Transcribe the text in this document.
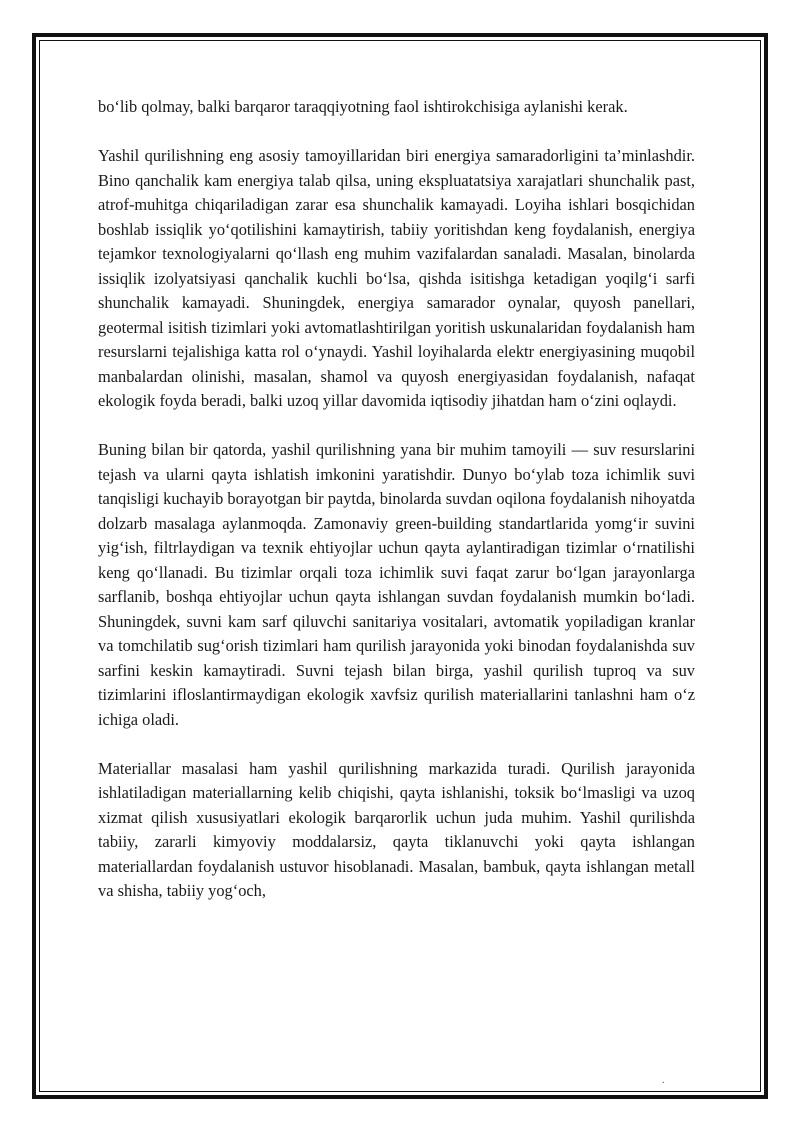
bo‘lib qolmay, balki barqaror taraqqiyotning faol ishtirokchisiga aylanishi kerak.

Yashil qurilishning eng asosiy tamoyillaridan biri energiya samaradorligini ta’minlashdir. Bino qanchalik kam energiya talab qilsa, uning ekspluatatsiya xarajatlari shunchalik past, atrof-muhitga chiqariladigan zarar esa shunchalik kamayadi. Loyiha ishlari bosqichidan boshlab issiqlik yo‘qotilishini kamaytirish, tabiiy yoritishdan keng foydalanish, energiya tejamkor texnologiyalarni qo‘llash eng muhim vazifalardan sanaladi. Masalan, binolarda issiqlik izolyatsiyasi qanchalik kuchli bo‘lsa, qishda isitishga ketadigan yoqilg‘i sarfi shunchalik kamayadi. Shuningdek, energiya samarador oynalar, quyosh panellari, geotermal isitish tizimlari yoki avtomatlashtirilgan yoritish uskunalaridan foydalanish ham resurslarni tejalishiga katta rol o‘ynaydi. Yashil loyihalarda elektr energiyasining muqobil manbalardan olinishi, masalan, shamol va quyosh energiyasidan foydalanish, nafaqat ekologik foyda beradi, balki uzoq yillar davomida iqtisodiy jihatdan ham o‘zini oqlaydi.

Buning bilan bir qatorda, yashil qurilishning yana bir muhim tamoyili — suv resurslarini tejash va ularni qayta ishlatish imkonini yaratishdir. Dunyo bo‘ylab toza ichimlik suvi tanqisligi kuchayib borayotgan bir paytda, binolarda suvdan oqilona foydalanish nihoyatda dolzarb masalaga aylanmoqda. Zamonaviy green-building standartlarida yomg‘ir suvini yig‘ish, filtrlaydigan va texnik ehtiyojlar uchun qayta aylantiradigan tizimlar o‘rnatilishi keng qo‘llanadi. Bu tizimlar orqali toza ichimlik suvi faqat zarur bo‘lgan jarayonlarga sarflanib, boshqa ehtiyojlar uchun qayta ishlangan suvdan foydalanish mumkin bo‘ladi. Shuningdek, suvni kam sarf qiluvchi sanitariya vositalari, avtomatik yopiladigan kranlar va tomchilatib sug‘orish tizimlari ham qurilish jarayonida yoki binodan foydalanishda suv sarfini keskin kamaytiradi. Suvni tejash bilan birga, yashil qurilish tuproq va suv tizimlarini ifloslantirmaydigan ekologik xavfsiz qurilish materiallarini tanlashni ham o‘z ichiga oladi.

Materiallar masalasi ham yashil qurilishning markazida turadi. Qurilish jarayonida ishlatiladigan materiallarning kelib chiqishi, qayta ishlanishi, toksik bo‘lmasligi va uzoq xizmat qilish xususiyatlari ekologik barqarorlik uchun juda muhim. Yashil qurilishda tabiiy, zararli kimyoviy moddalarsiz, qayta tiklanuvchi yoki qayta ishlangan materiallardan foydalanish ustuvor hisoblanadi. Masalan, bambuk, qayta ishlangan metall va shisha, tabiiy yog‘och,

.
